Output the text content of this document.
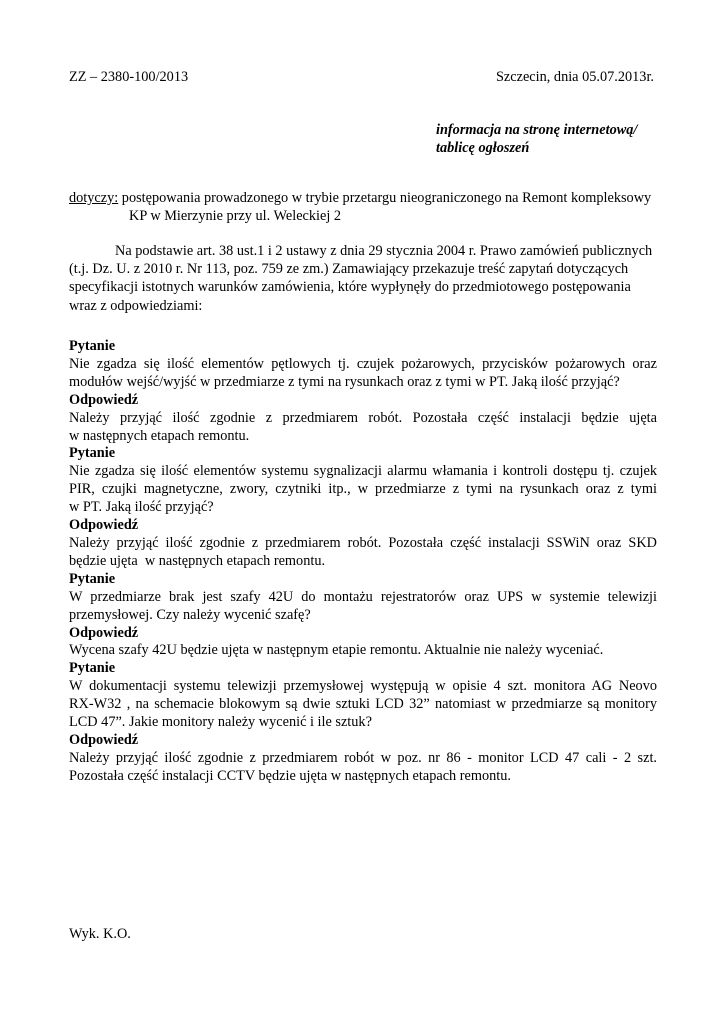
ZZ – 2380-100/2013	Szczecin, dnia 05.07.2013r.
informacja na stronę internetową/
tablicę ogłoszeń
dotyczy: postępowania prowadzonego w trybie przetargu nieograniczonego na Remont kompleksowy
KP w Mierzynie przy ul. Weleckiej 2
Na podstawie art. 38 ust.1 i 2 ustawy z dnia 29 stycznia 2004 r. Prawo zamówień publicznych
(t.j. Dz. U. z 2010 r. Nr 113, poz. 759 ze zm.) Zamawiający przekazuje treść zapytań dotyczących
specyfikacji istotnych warunków zamówienia, które wypłynęły do przedmiotowego postępowania
wraz z odpowiedziami:
Pytanie
Nie zgadza się ilość elementów pętlowych tj. czujek pożarowych, przycisków pożarowych oraz
modułów wejść/wyjść w przedmiarze z tymi na rysunkach oraz z tymi w PT. Jaką ilość przyjąć?
Odpowiedź
Należy przyjąć ilość zgodnie z przedmiarem robót. Pozostała część instalacji będzie ujęta
w następnych etapach remontu.
Pytanie
Nie zgadza się ilość elementów systemu sygnalizacji alarmu włamania i kontroli dostępu tj. czujek
PIR, czujki magnetyczne, zwory, czytniki itp., w przedmiarze z tymi na rysunkach oraz z tymi
w PT. Jaką ilość przyjąć?
Odpowiedź
Należy przyjąć ilość zgodnie z przedmiarem robót. Pozostała część instalacji SSWiN oraz SKD
będzie ujęta  w następnych etapach remontu.
Pytanie
W przedmiarze brak jest szafy 42U do montażu rejestratorów oraz UPS w systemie telewizji
przemysłowej. Czy należy wycenić szafę?
Odpowiedź
Wycena szafy 42U będzie ujęta w następnym etapie remontu. Aktualnie nie należy wyceniać.
Pytanie
W dokumentacji systemu telewizji przemysłowej występują w opisie 4 szt. monitora AG Neovo
RX-W32 , na schemacie blokowym są dwie sztuki LCD 32” natomiast w przedmiarze są monitory
LCD 47”. Jakie monitory należy wycenić i ile sztuk?
Odpowiedź
Należy przyjąć ilość zgodnie z przedmiarem robót w poz. nr 86 - monitor LCD 47 cali - 2 szt.
Pozostała część instalacji CCTV będzie ujęta w następnych etapach remontu.
Wyk. K.O.
